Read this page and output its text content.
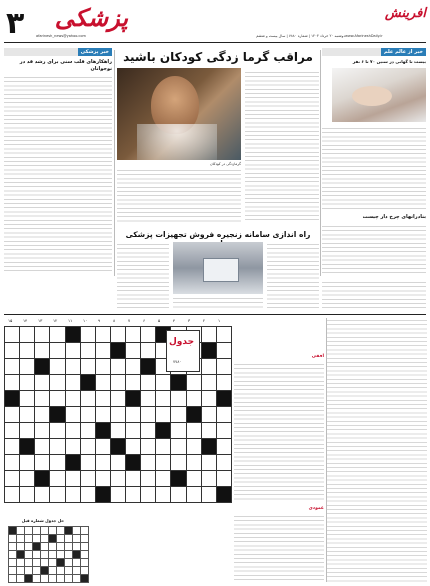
۳ پزشکی
afarinesh_news@yahoo.com	دوشنبه ۲۰ خرداد ۱۴۰۳ | شماره ۷۸۸۰ | سال بیست و ششم www.AfarineshDaily.ir
افرینش
خبر پزشکی
راهکارهای قلب سنی برای رشد قد در نوجوانان
مراقب گرما زدگی کودکان باشید
گرمازدگی در کودکان
خبر از عالم علم
بیست تا گهانی در سنین ۷۰ تا ۶ نفر
بنادرانهای چرخ دار چیست
راه اندازی سامانه زنجیره فروش تجهیزات پزشکی
۱۵	۱۴	۱۳	۱۲	۱۱	۱۰	۹	۸	۷	۶	۵	۴	۳	۲	۱

جدول
۷۷۸۰
حل جدول شماره قبل

افقی
عمودی
